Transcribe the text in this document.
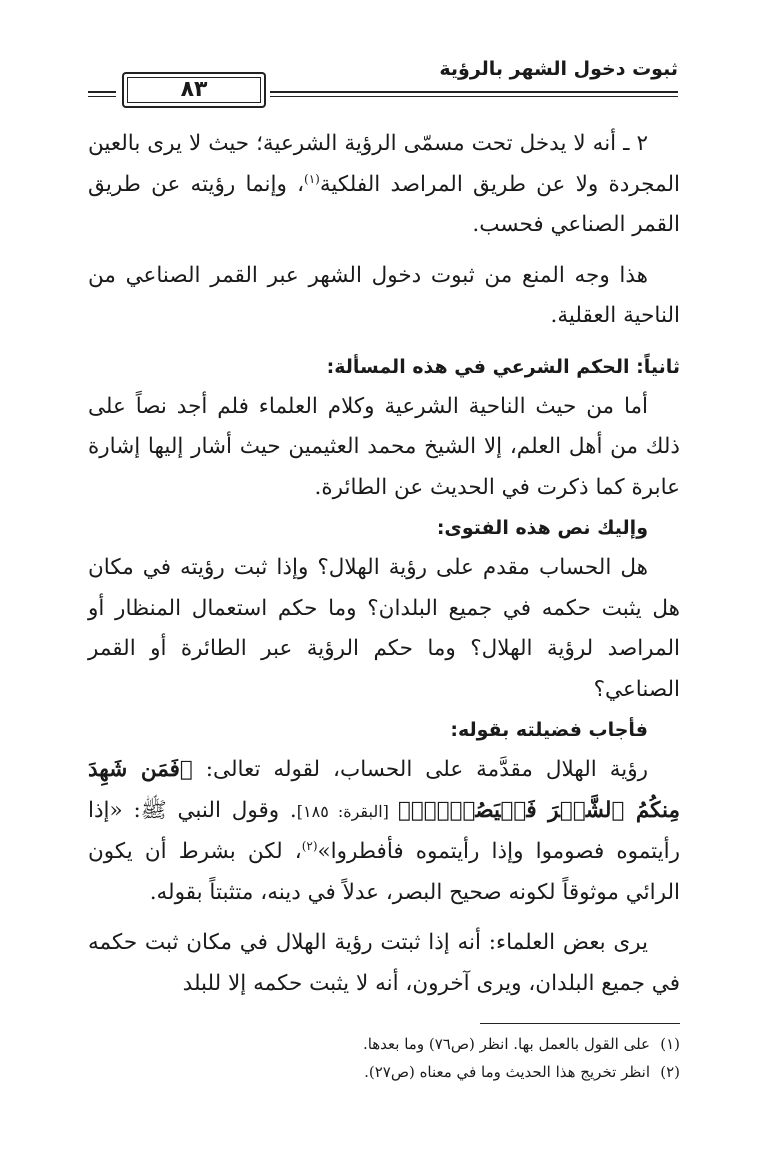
ثبوت دخول الشهر بالرؤية
٨٣

٢ ـ أنه لا يدخل تحت مسمّى الرؤية الشرعية؛ حيث لا يرى بالعين المجردة ولا عن طريق المراصد الفلكية$^{(١)}$، وإنما رؤيته عن طريق القمر الصناعي فحسب.

هذا وجه المنع من ثبوت دخول الشهر عبر القمر الصناعي من الناحية العقلية.

ثانياً: الحكم الشرعي في هذه المسألة:

أما من حيث الناحية الشرعية وكلام العلماء فلم أجد نصاً على ذلك من أهل العلم، إلا الشيخ محمد العثيمين حيث أشار إليها إشارة عابرة كما ذكرت في الحديث عن الطائرة.

وإليك نص هذه الفتوى:

هل الحساب مقدم على رؤية الهلال؟ وإذا ثبت رؤيته في مكان هل يثبت حكمه في جميع البلدان؟ وما حكم استعمال المنظار أو المراصد لرؤية الهلال؟ وما حكم الرؤية عبر الطائرة أو القمر الصناعي؟

فأجاب فضيلته بقوله:

رؤية الهلال مقدَّمة على الحساب، لقوله تعالى: ﴿فَمَن شَهِدَ مِنكُمُ ٱلشَّهۡرَ فَلۡيَصُمۡهُۖ﴾ [البقرة: ١٨٥]. وقول النبي ﷺ: «إذا رأيتموه فصوموا وإذا رأيتموه فأفطروا»$^{(٢)}$، لكن بشرط أن يكون الرائي موثوقاً لكونه صحيح البصر، عدلاً في دينه، متثبتاً بقوله.

يرى بعض العلماء: أنه إذا ثبتت رؤية الهلال في مكان ثبت حكمه في جميع البلدان، ويرى آخرون، أنه لا يثبت حكمه إلا للبلد

(١)على القول بالعمل بها. انظر (ص٧٦) وما بعدها.

(٢)انظر تخريج هذا الحديث وما في معناه (ص٢٧).
